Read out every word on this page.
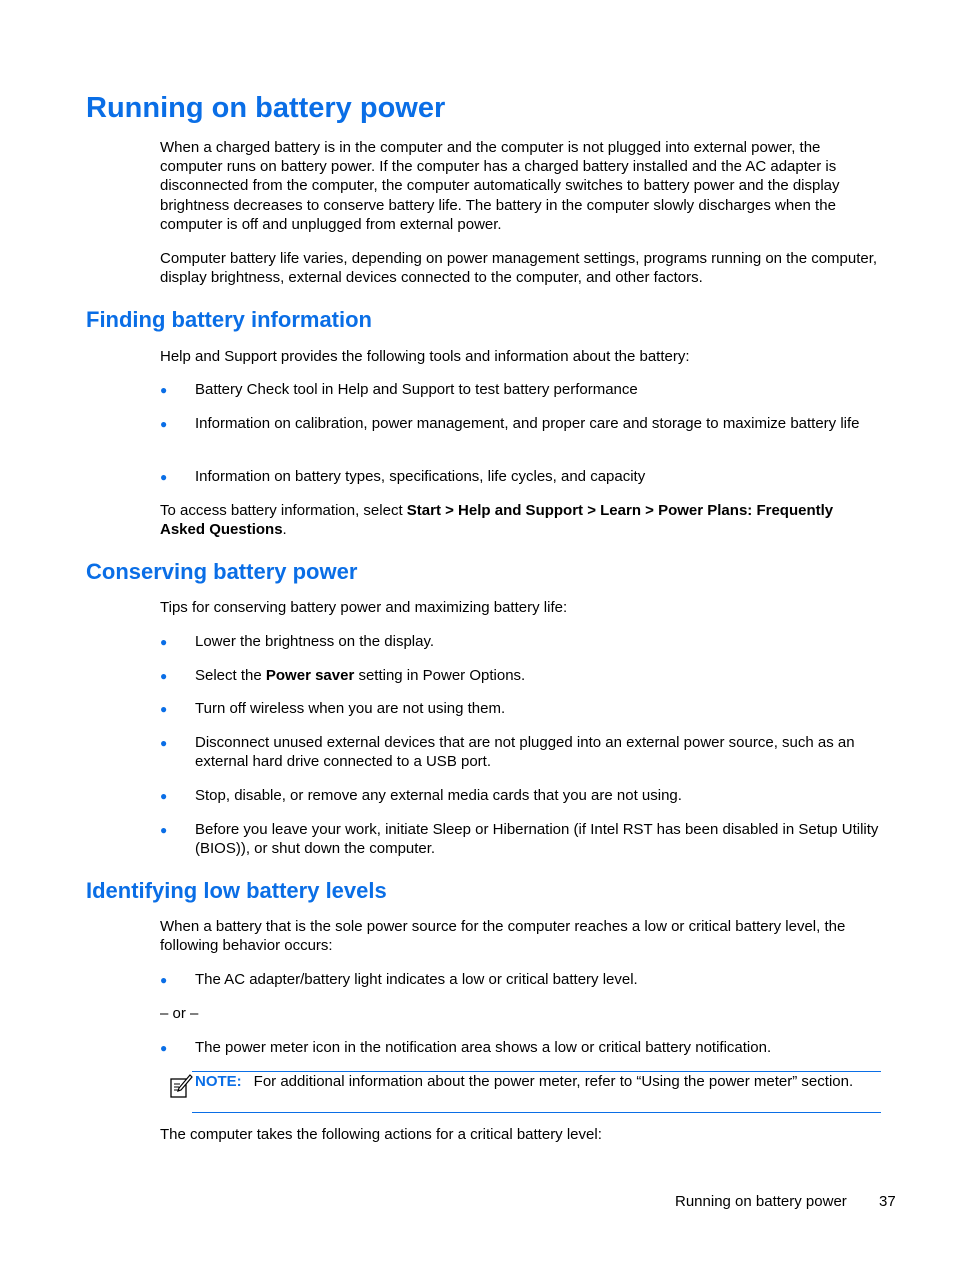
Running on battery power

When a charged battery is in the computer and the computer is not plugged into external power, the computer runs on battery power. If the computer has a charged battery installed and the AC adapter is disconnected from the computer, the computer automatically switches to battery power and the display brightness decreases to conserve battery life. The battery in the computer slowly discharges when the computer is off and unplugged from external power.

Computer battery life varies, depending on power management settings, programs running on the computer, display brightness, external devices connected to the computer, and other factors.

Finding battery information

Help and Support provides the following tools and information about the battery:

● Battery Check tool in Help and Support to test battery performance

● Information on calibration, power management, and proper care and storage to maximize battery life

● Information on battery types, specifications, life cycles, and capacity

To access battery information, select Start > Help and Support > Learn > Power Plans: Frequently Asked Questions.

Conserving battery power

Tips for conserving battery power and maximizing battery life:

● Lower the brightness on the display.

● Select the Power saver setting in Power Options.

● Turn off wireless when you are not using them.

● Disconnect unused external devices that are not plugged into an external power source, such as an external hard drive connected to a USB port.

● Stop, disable, or remove any external media cards that you are not using.

● Before you leave your work, initiate Sleep or Hibernation (if Intel RST has been disabled in Setup Utility (BIOS)), or shut down the computer.

Identifying low battery levels

When a battery that is the sole power source for the computer reaches a low or critical battery level, the following behavior occurs:

● The AC adapter/battery light indicates a low or critical battery level.

– or –

● The power meter icon in the notification area shows a low or critical battery notification.

NOTE: For additional information about the power meter, refer to “Using the power meter” section.

The computer takes the following actions for a critical battery level:

Running on battery power 37
